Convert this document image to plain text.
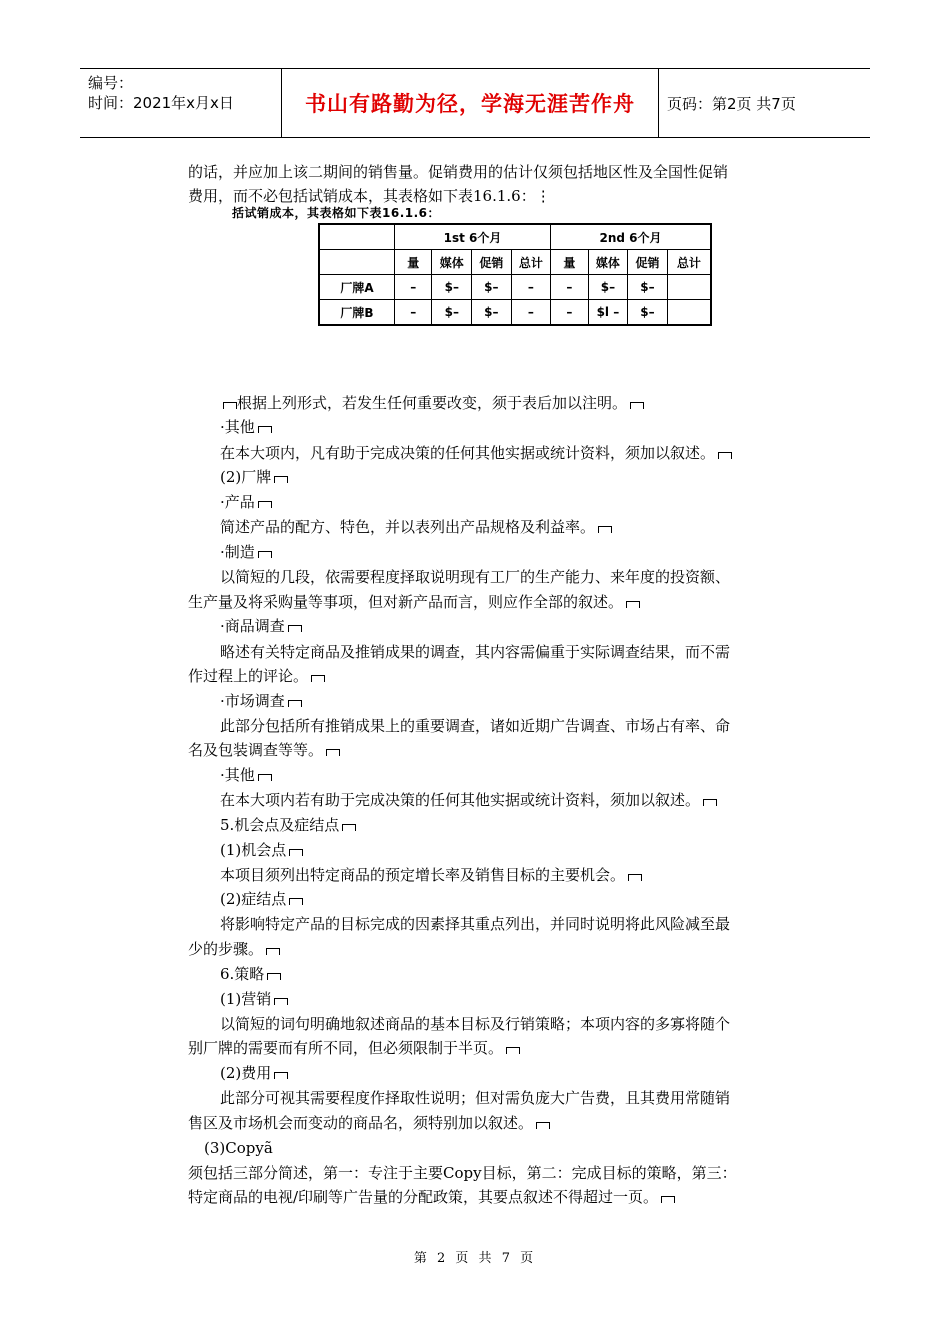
编号：
时间：2021年x月x日	书山有路勤为径，学海无涯苦作舟 页码：第2页 共7页
的话，并应加上该二期间的销售量。促销费用的估计仅须包括地区性及全国性促销
费用，而不必包括试销成本，其表格如下表16.1.6：⋮
括试销成本，其表格如下表16.1.6：
	1st 6个月				2nd 6个月			
	量	媒体	促销	总计	量	媒体	促销	总计
厂牌A	–	$–	$–	–	–	$–	$–	
厂牌B	–	$–	$–	–	–	$l –	$–	
根据上列形式，若发生任何重要改变，须于表后加以注明。
·其他
在本大项内，凡有助于完成决策的任何其他实据或统计资料，须加以叙述。
(2)厂牌
·产品
简述产品的配方、特色，并以表列出产品规格及利益率。
·制造
以简短的几段，依需要程度择取说明现有工厂的生产能力、来年度的投资额、
生产量及将采购量等事项，但对新产品而言，则应作全部的叙述。
·商品调查
略述有关特定商品及推销成果的调查，其内容需偏重于实际调查结果，而不需
作过程上的评论。
·市场调查
此部分包括所有推销成果上的重要调查，诸如近期广告调查、市场占有率、命
名及包装调查等等。
·其他
在本大项内若有助于完成决策的任何其他实据或统计资料，须加以叙述。
5.机会点及症结点
(1)机会点
本项目须列出特定商品的预定增长率及销售目标的主要机会。
(2)症结点
将影响特定产品的目标完成的因素择其重点列出，并同时说明将此风险减至最
少的步骤。
6.策略
(1)营销
以简短的词句明确地叙述商品的基本目标及行销策略；本项内容的多寡将随个
别厂牌的需要而有所不同，但必须限制于半页。
(2)费用
此部分可视其需要程度作择取性说明；但对需负庞大广告费，且其费用常随销
售区及市场机会而变动的商品名，须特别加以叙述。
(3)Copyã
须包括三部分简述，第一：专注于主要Copy目标，第二：完成目标的策略，第三：
特定商品的电视/印刷等广告量的分配政策，其要点叙述不得超过一页。
第 2 页 共 7 页
